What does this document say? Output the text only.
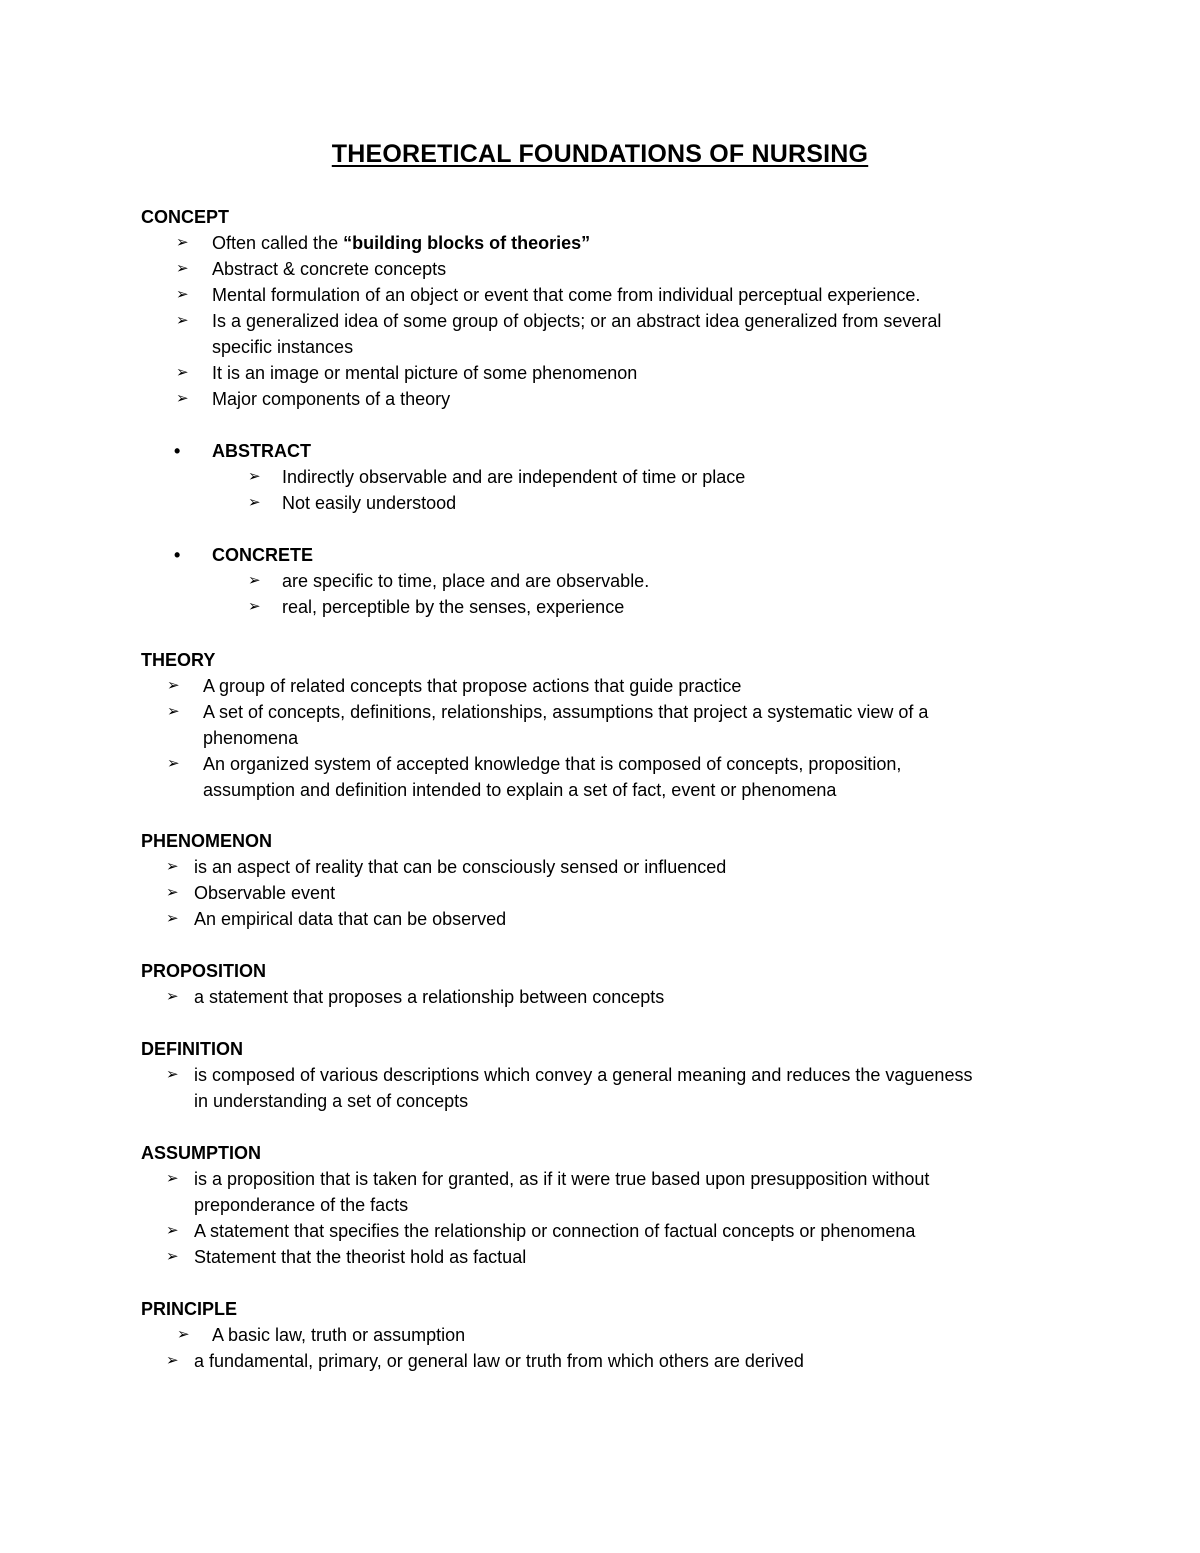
THEORETICAL FOUNDATIONS OF NURSING
CONCEPT
➢ Often called the “building blocks of theories”
➢ Abstract & concrete concepts
➢ Mental formulation of an object or event that come from individual perceptual experience.
➢ Is a generalized idea of some group of objects; or an abstract idea generalized from several
specific instances
➢ It is an image or mental picture of some phenomenon
➢ Major components of a theory
• ABSTRACT
➢ Indirectly observable and are independent of time or place
➢ Not easily understood
• CONCRETE
➢ are specific to time, place and are observable.
➢ real, perceptible by the senses, experience
THEORY
➢ A group of related concepts that propose actions that guide practice
➢ A set of concepts, definitions, relationships, assumptions that project a systematic view of a
phenomena
➢ An organized system of accepted knowledge that is composed of concepts, proposition,
assumption and definition intended to explain a set of fact, event or phenomena
PHENOMENON
➢ is an aspect of reality that can be consciously sensed or influenced
➢ Observable event
➢ An empirical data that can be observed
PROPOSITION
➢ a statement that proposes a relationship between concepts
DEFINITION
➢ is composed of various descriptions which convey a general meaning and reduces the vagueness
in understanding a set of concepts
ASSUMPTION
➢ is a proposition that is taken for granted, as if it were true based upon presupposition without
preponderance of the facts
➢ A statement that specifies the relationship or connection of factual concepts or phenomena
➢ Statement that the theorist hold as factual
PRINCIPLE
➢ A basic law, truth or assumption
➢ a fundamental, primary, or general law or truth from which others are derived
